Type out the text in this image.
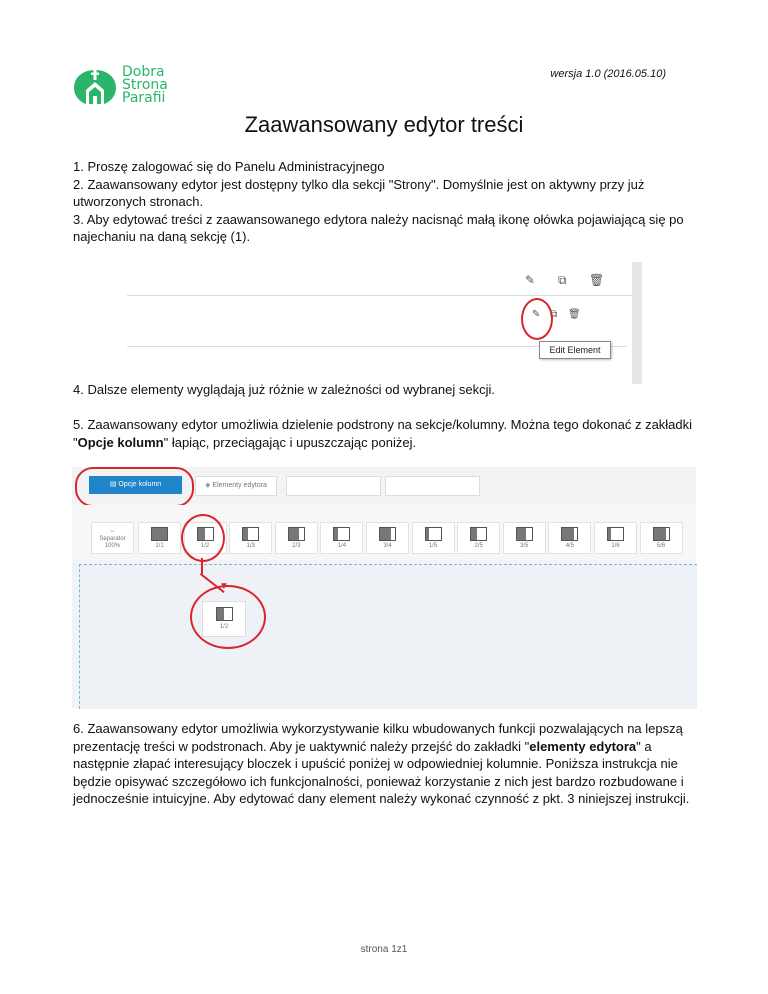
Dobra
Strona
Parafii
wersja 1.0 (2016.05.10)
Zaawansowany edytor treści
1. Proszę zalogować się do Panelu Administracyjnego
2. Zaawansowany edytor jest dostępny tylko dla sekcji "Strony". Domyślnie jest on aktywny przy już utworzonych stronach.
3. Aby edytować treści z zaawansowanego edytora należy nacisnąć małą ikonę ołówka pojawiającą się po najechaniu na daną sekcję (1).
✎ ⧉ 🗑
✎ ⧉ 🗑
Edit Element
4. Dalsze elementy wyglądają już różnie w zależności od wybranej sekcji.
5. Zaawansowany edytor umożliwia dzielenie podstrony na sekcje/kolumny. Można tego dokonać z zakładki "Opcje kolumn" łapiąc, przeciągając i upuszczając poniżej.
▤ Opcje kolumn	◈ Elementy edytora
↔
Separator
100%	1/1	1/2	1/3	2/3	1/4	3/4	1/5	2/5	3/5	4/5	1/6	5/6
▼
1/2
6. Zaawansowany edytor umożliwia wykorzystywanie kilku wbudowanych funkcji pozwalających na lepszą prezentację treści w podstronach. Aby je uaktywnić należy przejść do zakładki "elementy edytora" a następnie złapać interesujący bloczek i upuścić poniżej w odpowiedniej kolumnie. Poniższa instrukcja nie będzie opisywać szczegółowo ich funkcjonalności, ponieważ korzystanie z nich jest bardzo rozbudowane i jednocześnie intuicyjne. Aby edytować dany element należy wykonać czynność z pkt. 3 niniejszej instrukcji.
strona 1z1
